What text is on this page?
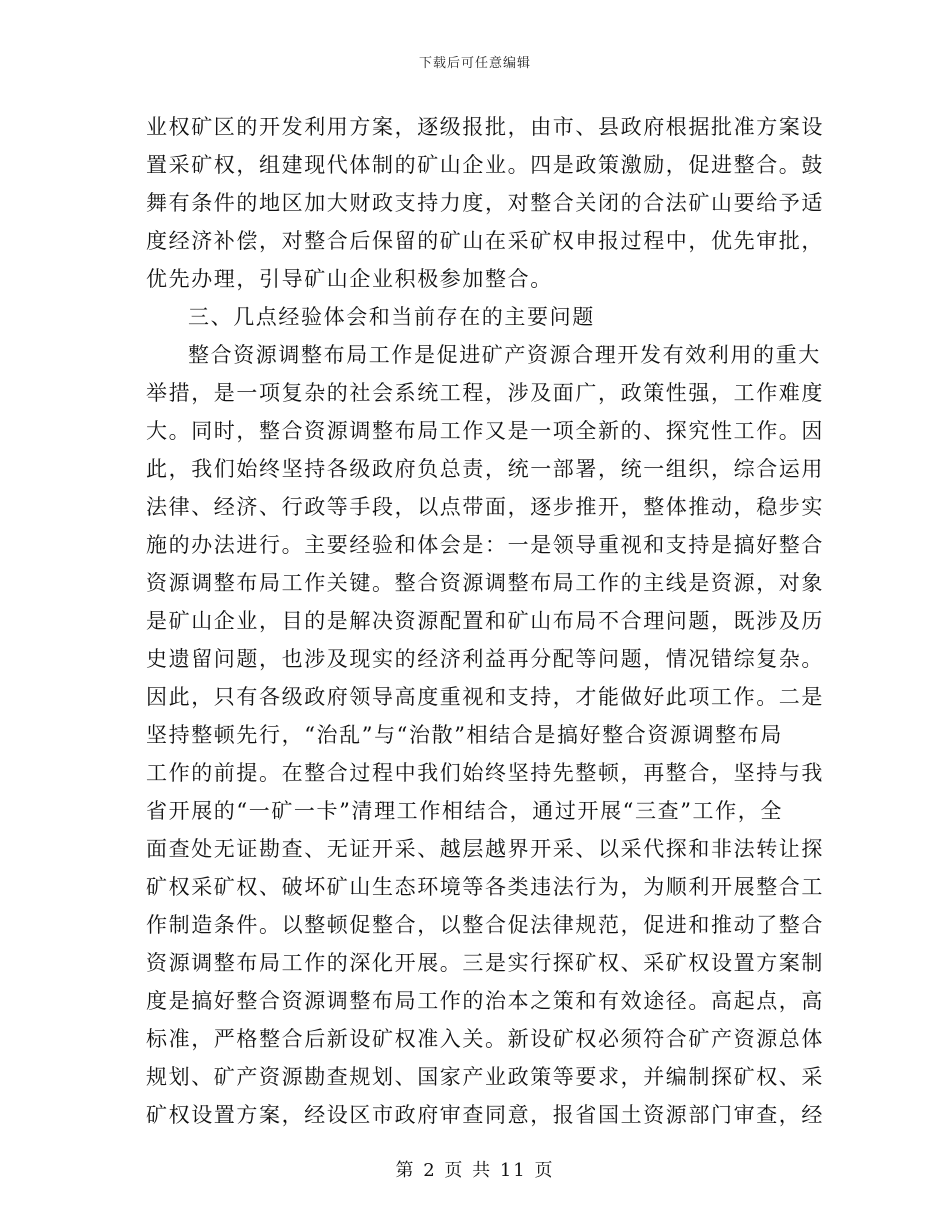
下载后可任意编辑
业权矿区的开发利用方案，逐级报批，由市、县政府根据批准方案设
置采矿权，组建现代体制的矿山企业。四是政策激励，促进整合。鼓
舞有条件的地区加大财政支持力度，对整合关闭的合法矿山要给予适
度经济补偿，对整合后保留的矿山在采矿权申报过程中，优先审批，
优先办理，引导矿山企业积极参加整合。
三、几点经验体会和当前存在的主要问题
整合资源调整布局工作是促进矿产资源合理开发有效利用的重大
举措，是一项复杂的社会系统工程，涉及面广，政策性强，工作难度
大。同时，整合资源调整布局工作又是一项全新的、探究性工作。因
此，我们始终坚持各级政府负总责，统一部署，统一组织，综合运用
法律、经济、行政等手段，以点带面，逐步推开，整体推动，稳步实
施的办法进行。主要经验和体会是：一是领导重视和支持是搞好整合
资源调整布局工作关键。整合资源调整布局工作的主线是资源，对象
是矿山企业，目的是解决资源配置和矿山布局不合理问题，既涉及历
史遗留问题，也涉及现实的经济利益再分配等问题，情况错综复杂。
因此，只有各级政府领导高度重视和支持，才能做好此项工作。二是
坚持整顿先行，“治乱”与“治散”相结合是搞好整合资源调整布局
工作的前提。在整合过程中我们始终坚持先整顿，再整合，坚持与我
省开展的“一矿一卡”清理工作相结合，通过开展“三查”工作，全
面查处无证勘查、无证开采、越层越界开采、以采代探和非法转让探
矿权采矿权、破坏矿山生态环境等各类违法行为，为顺利开展整合工
作制造条件。以整顿促整合，以整合促法律规范，促进和推动了整合
资源调整布局工作的深化开展。三是实行探矿权、采矿权设置方案制
度是搞好整合资源调整布局工作的治本之策和有效途径。高起点，高
标准，严格整合后新设矿权准入关。新设矿权必须符合矿产资源总体
规划、矿产资源勘查规划、国家产业政策等要求，并编制探矿权、采
矿权设置方案，经设区市政府审查同意，报省国土资源部门审查，经
第 2 页 共 11 页
